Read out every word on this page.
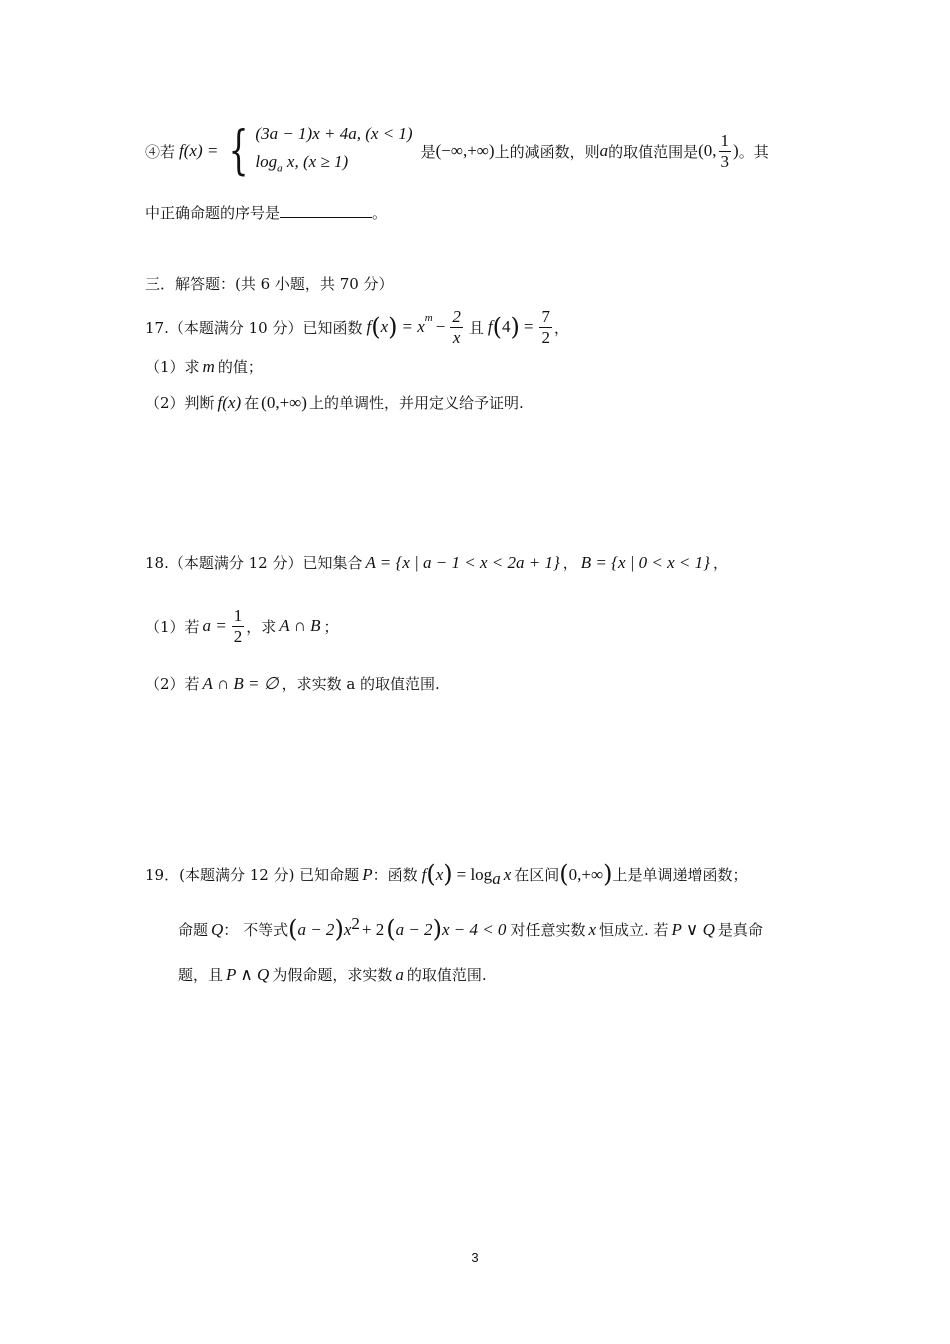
④若 f(x) = { (3a − 1)x + 4a, (x < 1)
$\log_a x$, (x ≥ 1)
是 (−∞,+∞) 上的减函数，则 a 的取值范围是 (0, $\frac{1}{3}$ ) 。其
中正确命题的序号是	。
三．解答题：(共 6 小题，共 70 分）
17.（本题满分 10 分）已知函数 f ( x ) = $x^m - \frac{2}{x}$ 且 f ( 4 ) = $\frac{7}{2}$ ，
（1）求 m 的值；
（2）判断 f(x) 在 (0,+∞) 上的单调性，并用定义给予证明.
18.（本题满分 12 分）已知集合 A = {x | a − 1 < x < 2a + 1} ， B = {x | 0 < x < 1} ，
（1）若 $a = \frac{1}{2}$ ，求 A ∩ B ；
（2）若 A ∩ B = ∅ ，求实数 a 的取值范围.
19．(本题满分 12 分) 已知命题 P：函数 $f(x) = \log_a x$ 在区间(0,+∞)上是单调递增函数；
命题 Q： 不等式$(a - 2)x^2 + 2(a - 2)x - 4 < 0$ 对任意实数 x 恒成立. 若 P ∨ Q 是真命
题，且 P ∧ Q 为假命题，求实数 a 的取值范围.
3
